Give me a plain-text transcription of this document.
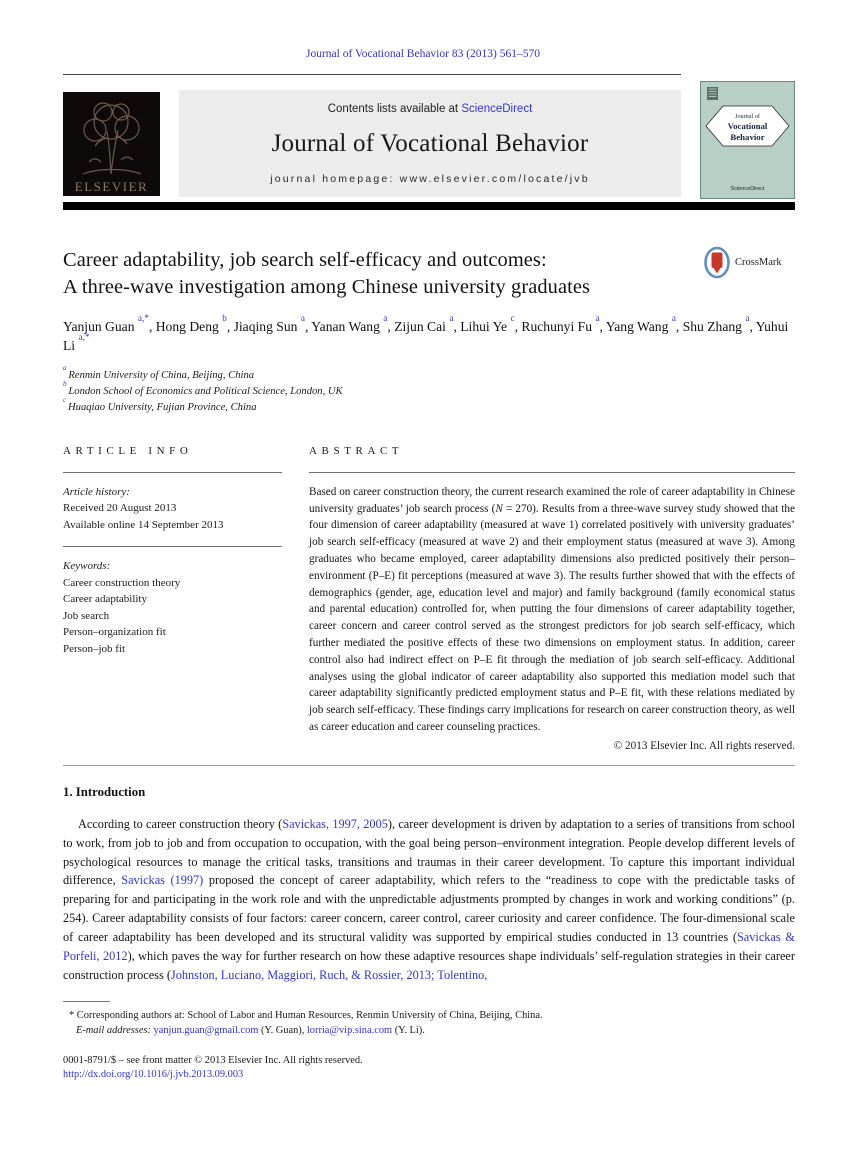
Journal of Vocational Behavior 83 (2013) 561–570
ELSEVIER
Contents lists available at ScienceDirect
Journal of Vocational Behavior
journal homepage: www.elsevier.com/locate/jvb
Journal of
Vocational
Behavior
ScienceDirect
CrossMark
Career adaptability, job search self-efficacy and outcomes:
A three-wave investigation among Chinese university graduates

Yanjun Guan $^{a,*}$, Hong Deng $^b$, Jiaqing Sun $^a$, Yanan Wang $^a$, Zijun Cai $^a$, Lihui Ye $^c$, Ruchunyi Fu $^a$, Yang Wang $^a$, Shu Zhang $^a$, Yuhui Li $^{a,*}$

$^a$ Renmin University of China, Beijing, China
$^b$ London School of Economics and Political Science, London, UK
$^c$ Huaqiao University, Fujian Province, China
ARTICLE INFO
Article history:
Received 20 August 2013
Available online 14 September 2013
Keywords:
Career construction theory
Career adaptability
Job search
Person–organization fit
Person–job fit
ABSTRACT
Based on career construction theory, the current research examined the role of career adaptability in Chinese university graduates’ job search process (N = 270). Results from a three-wave survey study showed that the four dimension of career adaptability (measured at wave 1) correlated positively with university graduates’ job search self-efficacy (measured at wave 2) and their employment status (measured at wave 3). Among graduates who became employed, career adaptability dimensions also predicted positively their person–environment (P–E) fit perceptions (measured at wave 3). The results further showed that with the effects of demographics (gender, age, education level and major) and family background (family economical status and parental education) controlled for, when putting the four dimensions of career adaptability together, career concern and career control served as the strongest predictors for job search self-efficacy, which further mediated the positive effects of these two dimensions on employment status. In addition, career control also had indirect effect on P–E fit through the mediation of job search self-efficacy. Additional analyses using the global indicator of career adaptability also supported this mediation model such that career adaptability significantly predicted employment status and P–E fit, with these relations mediated by job search self-efficacy. These findings carry implications for research on career construction theory, as well as career education and career counseling practices.
© 2013 Elsevier Inc. All rights reserved.
1. Introduction

According to career construction theory (Savickas, 1997, 2005), career development is driven by adaptation to a series of transitions from school to work, from job to job and from occupation to occupation, with the goal being person–environment integration. People develop different levels of psychological resources to manage the critical tasks, transitions and traumas in their career development. To capture this important individual difference, Savickas (1997) proposed the concept of career adaptability, which refers to the “readiness to cope with the predictable tasks of preparing for and participating in the work role and with the unpredictable adjustments prompted by changes in work and working conditions” (p. 254). Career adaptability consists of four factors: career concern, career control, career curiosity and career confidence. The four-dimensional scale of career adaptability has been developed and its structural validity was supported by empirical studies conducted in 13 countries (Savickas & Porfeli, 2012), which paves the way for further research on how these adaptive resources shape individuals’ self-regulation strategies in their career construction process (Johnston, Luciano, Maggiori, Ruch, & Rossier, 2013; Tolentino,

* Corresponding authors at: School of Labor and Human Resources, Renmin University of China, Beijing, China.
E-mail addresses: yanjun.guan@gmail.com (Y. Guan), lorria@vip.sina.com (Y. Li).
0001-8791/$ – see front matter © 2013 Elsevier Inc. All rights reserved.
http://dx.doi.org/10.1016/j.jvb.2013.09.003
